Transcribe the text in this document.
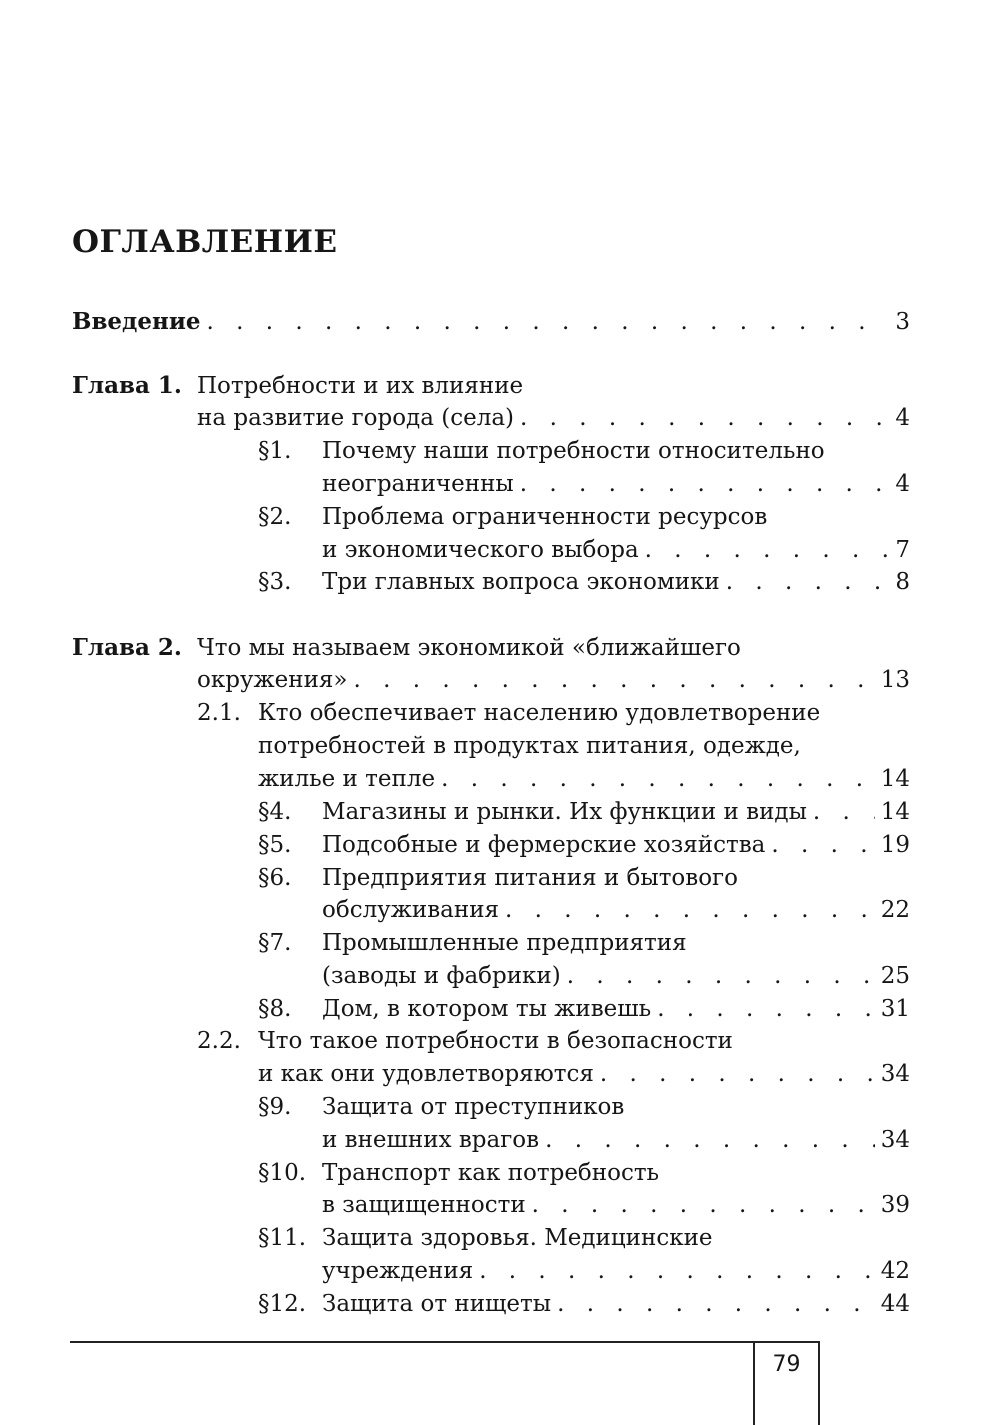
ОГЛАВЛЕНИЕ
Введение . . .	3
Глава 1. Потребности и их влияние
на развитие города (села) . . .	4
§1.	Почему наши потребности относительно
неограниченны . . .	4
§2.	Проблема ограниченности ресурсов
и экономического выбора . . .	7
§3.	Три главных вопроса экономики . . .	8
Глава 2. Что мы называем экономикой «ближайшего
окружения» . . .	13
2.1. Кто обеспечивает населению удовлетворение
потребностей в продуктах питания, одежде,
жилье и тепле . . .	14
§4.	Магазины и рынки. Их функции и виды . . .	14
§5.	Подсобные и фермерские хозяйства . . .	19
§6.	Предприятия питания и бытового
обслуживания . . .	22
§7.	Промышленные предприятия
(заводы и фабрики) . . .	25
§8.	Дом, в котором ты живешь . . .	31
2.2. Что такое потребности в безопасности
и как они удовлетворяются . . .	34
§9.	Защита от преступников
и внешних врагов . . .	34
§10. Транспорт как потребность
в защищенности . . .	39
§11. Защита здоровья. Медицинские
учреждения . . .	42
§12. Защита от нищеты . . .	44
79
